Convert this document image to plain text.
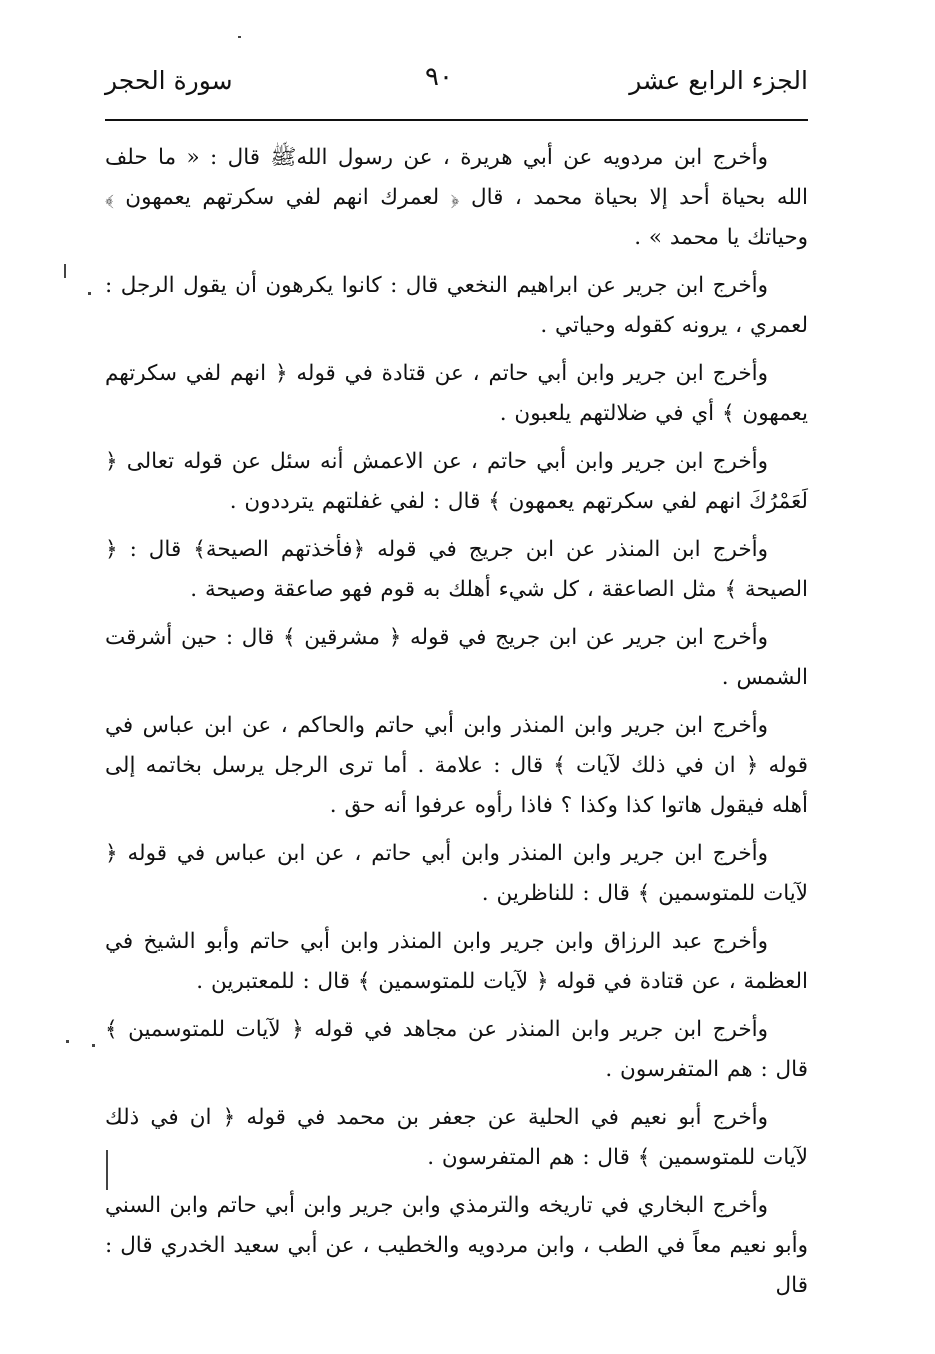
الجزء الرابع عشر
٩٠
سورة الحجر

وأخرج ابن مردويه عن أبي هريرة ، عن رسول اللهﷺ قال : « ما حلف الله بحياة أحد إلا بحياة محمد ، قال ﴿ لعمرك انهم لفي سكرتهم يعمهون ﴾ وحياتك يا محمد » .

وأخرج ابن جرير عن ابراهيم النخعي قال : كانوا يكرهون أن يقول الرجل : لعمري ، يرونه كقوله وحياتي .

وأخرج ابن جرير وابن أبي حاتم ، عن قتادة في قوله ﴿ انهم لفي سكرتهم يعمهون ﴾ أي في ضلالتهم يلعبون .

وأخرج ابن جرير وابن أبي حاتم ، عن الاعمش أنه سئل عن قوله تعالى ﴿ لَعَمْرُكَ انهم لفي سكرتهم يعمهون ﴾ قال : لفي غفلتهم يترددون .

وأخرج ابن المنذر عن ابن جريج في قوله ﴿فأخذتهم الصيحة﴾ قال : ﴿ الصيحة ﴾ مثل الصاعقة ، كل شيء أهلك به قوم فهو صاعقة وصيحة .

وأخرج ابن جرير عن ابن جريج في قوله ﴿ مشرقين ﴾ قال : حين أشرقت الشمس .

وأخرج ابن جرير وابن المنذر وابن أبي حاتم والحاكم ، عن ابن عباس في قوله ﴿ ان في ذلك لآيات ﴾ قال : علامة . أما ترى الرجل يرسل بخاتمه إلى أهله فيقول هاتوا كذا وكذا ؟ فاذا رأوه عرفوا أنه حق .

وأخرج ابن جرير وابن المنذر وابن أبي حاتم ، عن ابن عباس في قوله ﴿ لآيات للمتوسمين ﴾ قال : للناظرين .

وأخرج عبد الرزاق وابن جرير وابن المنذر وابن أبي حاتم وأبو الشيخ في العظمة ، عن قتادة في قوله ﴿ لآيات للمتوسمين ﴾ قال : للمعتبرين .

وأخرج ابن جرير وابن المنذر عن مجاهد في قوله ﴿ لآيات للمتوسمين ﴾ قال : هم المتفرسون .

وأخرج أبو نعيم في الحلية عن جعفر بن محمد في قوله ﴿ ان في ذلك لآيات للمتوسمين ﴾ قال : هم المتفرسون .

وأخرج البخاري في تاريخه والترمذي وابن جرير وابن أبي حاتم وابن السني وأبو نعيم معاً في الطب ، وابن مردويه والخطيب ، عن أبي سعيد الخدري قال : قال
